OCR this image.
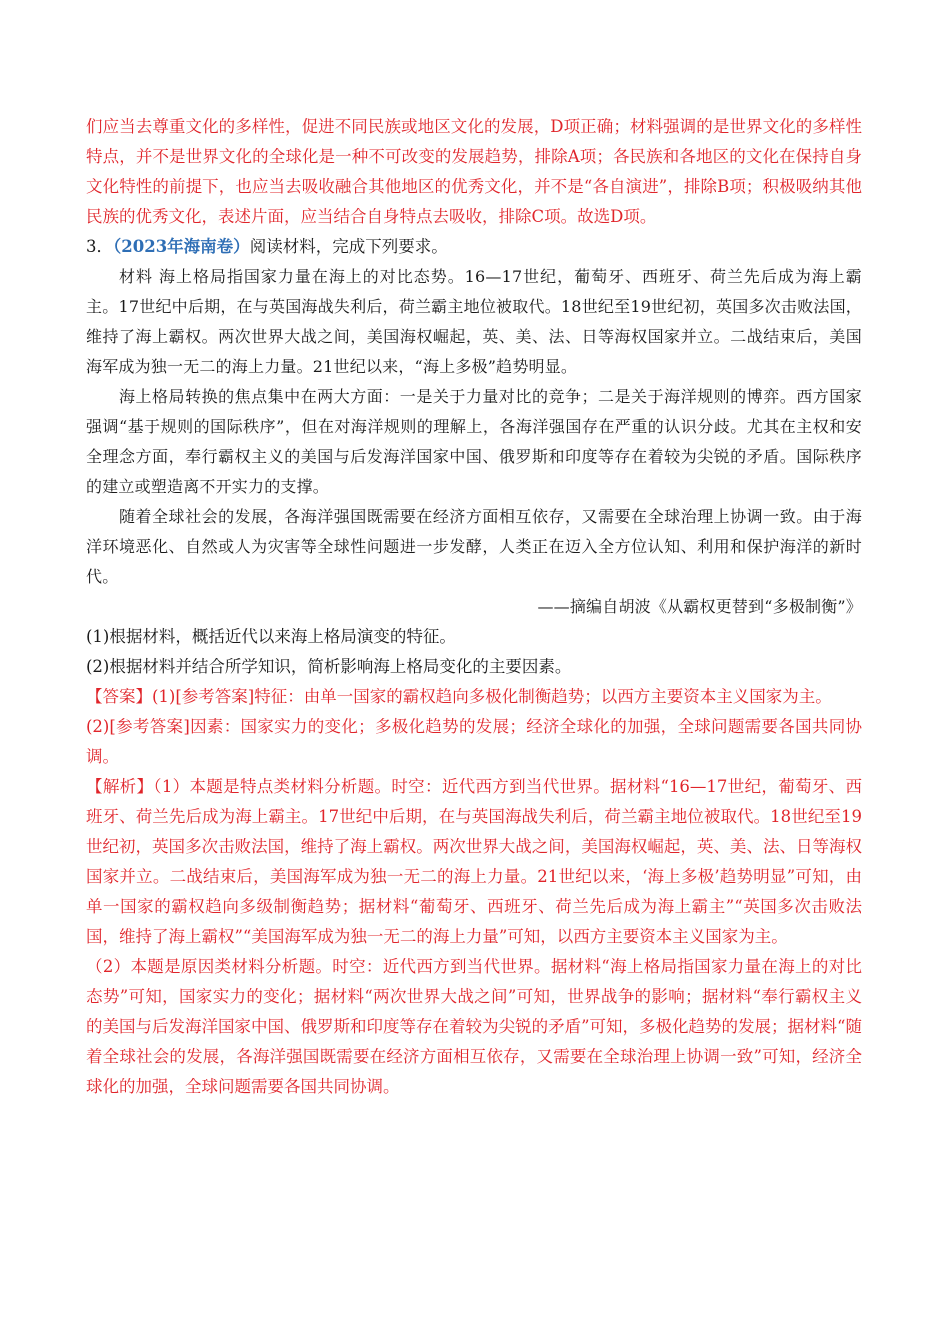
们应当去尊重文化的多样性，促进不同民族或地区文化的发展，D项正确；材料强调的是世界文化的多样性特点，并不是世界文化的全球化是一种不可改变的发展趋势，排除A项；各民族和各地区的文化在保持自身文化特性的前提下，也应当去吸收融合其他地区的优秀文化，并不是“各自演进”，排除B项；积极吸纳其他民族的优秀文化，表述片面，应当结合自身特点去吸收，排除C项。故选D项。

3．（2023年海南卷）阅读材料，完成下列要求。

材料 海上格局指国家力量在海上的对比态势。16—17世纪，葡萄牙、西班牙、荷兰先后成为海上霸主。17世纪中后期，在与英国海战失利后，荷兰霸主地位被取代。18世纪至19世纪初，英国多次击败法国，维持了海上霸权。两次世界大战之间，美国海权崛起，英、美、法、日等海权国家并立。二战结束后，美国海军成为独一无二的海上力量。21世纪以来，“海上多极”趋势明显。

海上格局转换的焦点集中在两大方面：一是关于力量对比的竞争；二是关于海洋规则的博弈。西方国家强调“基于规则的国际秩序”，但在对海洋规则的理解上，各海洋强国存在严重的认识分歧。尤其在主权和安全理念方面，奉行霸权主义的美国与后发海洋国家中国、俄罗斯和印度等存在着较为尖锐的矛盾。国际秩序的建立或塑造离不开实力的支撑。

随着全球社会的发展，各海洋强国既需要在经济方面相互依存，又需要在全球治理上协调一致。由于海洋环境恶化、自然或人为灾害等全球性问题进一步发酵，人类正在迈入全方位认知、利用和保护海洋的新时代。

——摘编自胡波《从霸权更替到“多极制衡”》

(1)根据材料，概括近代以来海上格局演变的特征。

(2)根据材料并结合所学知识，简析影响海上格局变化的主要因素。

【答案】(1)[参考答案]特征：由单一国家的霸权趋向多极化制衡趋势；以西方主要资本主义国家为主。

(2)[参考答案]因素：国家实力的变化；多极化趋势的发展；经济全球化的加强，全球问题需要各国共同协调。

【解析】（1）本题是特点类材料分析题。时空：近代西方到当代世界。据材料“16—17世纪，葡萄牙、西班牙、荷兰先后成为海上霸主。17世纪中后期，在与英国海战失利后，荷兰霸主地位被取代。18世纪至19世纪初，英国多次击败法国，维持了海上霸权。两次世界大战之间，美国海权崛起，英、美、法、日等海权国家并立。二战结束后，美国海军成为独一无二的海上力量。21世纪以来，‘海上多极’趋势明显”可知，由单一国家的霸权趋向多级制衡趋势；据材料“葡萄牙、西班牙、荷兰先后成为海上霸主”“英国多次击败法国，维持了海上霸权”“美国海军成为独一无二的海上力量”可知，以西方主要资本主义国家为主。

（2）本题是原因类材料分析题。时空：近代西方到当代世界。据材料“海上格局指国家力量在海上的对比态势”可知，国家实力的变化；据材料“两次世界大战之间”可知，世界战争的影响；据材料“奉行霸权主义的美国与后发海洋国家中国、俄罗斯和印度等存在着较为尖锐的矛盾”可知，多极化趋势的发展；据材料“随着全球社会的发展，各海洋强国既需要在经济方面相互依存，又需要在全球治理上协调一致”可知，经济全球化的加强，全球问题需要各国共同协调。
